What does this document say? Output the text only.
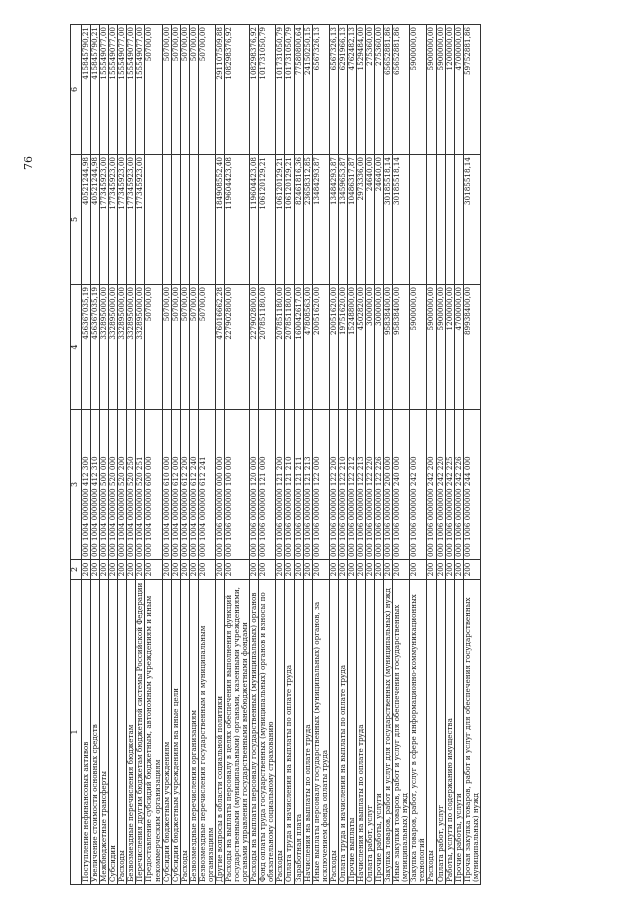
76
1	2	3	4	5	6
Поступление нефинансовых активов	200	000 1004 0000000 412 300	456367035,19	40521244,98	415845790,21
Увеличение стоимости основных средств	200	000 1004 0000000 412 310	456367035,19	40521244,98	415845790,21
Межбюджетные трансферты	200	000 1004 0000000 500 000	332895000,00	177345923,00	155549077,00
Субсидии	200	000 1004 0000000 520 000	332895000,00	177345923,00	155549077,00
Расходы	200	000 1004 0000000 520 200	332895000,00	177345923,00	155549077,00
Безвозмездные перечисления бюджетам	200	000 1004 0000000 520 250	332895000,00	177345923,00	155549077,00
Перечисления другим бюджетам бюджетной системы Российской Федерации	200	000 1004 0000000 520 251	332895000,00	177345923,00	155549077,00
Предоставление субсидий бюджетным, автономным учреждениям и иным некоммерческим организациям	200	000 1004 0000000 600 000	50700,00		50700,00
Субсидии бюджетным учреждениям	200	000 1004 0000000 610 000	50700,00		50700,00
Субсидии бюджетным учреждениям на иные цели	200	000 1004 0000000 612 000	50700,00		50700,00
Расходы	200	000 1004 0000000 612 200	50700,00		50700,00
Безвозмездные перечисления организациям	200	000 1004 0000000 612 240	50700,00		50700,00
Безвозмездные перечисления государственным и муниципальным организациям	200	000 1004 0000000 612 241	50700,00		50700,00
Другие вопросы в области социальной политики	200	000 1006 0000000 000 000	476016662,28	184908552,40	291107509,88
Расходы на выплаты персоналу в целях обеспечения выполнения функций государственными (муниципальными) органами, казенными учреждениями, органами управления государственными внебюджетными фондами	200	000 1006 0000000 100 000	227902800,00	119604423,08	108298376,92
Расходы на выплаты персоналу государственных (муниципальных) органов	200	000 1006 0000000 120 000	227902800,00	119604423,08	108298376,92
Фонд оплаты труда государственных (муниципальных) органов и взносы по обязательному социальному страхованию	200	000 1006 0000000 121 000	207851180,00	106120129,21	101731050,79
Расходы	200	000 1006 0000000 121 200	207851180,00	106120129,21	101731050,79
Оплата труда и начисления на выплаты по оплате труда	200	000 1006 0000000 121 210	207851180,00	106120129,21	101731050,79
Заработная плата	200	000 1006 0000000 121 211	160042617,00	82461816,36	77580800,64
Начисления на выплаты по оплате труда	200	000 1006 0000000 121 213	47808563,00	23658312,85	24150250,15
Иные выплаты персоналу государственных (муниципальных) органов, за исключением фонда оплаты труда	200	000 1006 0000000 122 000	20051620,00	13484293,87	6567326,13
Расходы	200	000 1006 0000000 122 200	20051620,00	13484293,87	6567326,13
Оплата труда и начисления на выплаты по оплате труда	200	000 1006 0000000 122 210	19751620,00	13459653,87	6291966,13
Прочие выплаты	200	000 1006 0000000 122 212	15248800,00	10486317,87	4762482,13
Начисления на выплаты по оплате труда	200	000 1006 0000000 122 213	4502820,00	2973336,00	1529484,00
Оплата работ, услуг	200	000 1006 0000000 122 220	300000,00	24640,00	275360,00
Прочие работы, услуги	200	000 1006 0000000 122 226	300000,00	24640,00	275360,00
Закупка товаров, работ и услуг для государственных (муниципальных) нужд	200	000 1006 0000000 200 000	95838400,00	30185518,14	65652881,86
Иные закупки товаров, работ и услуг для обеспечения государственных (муниципальных) нужд	200	000 1006 0000000 240 000	95838400,00	30185518,14	65652881,86
Закупка товаров, работ, услуг в сфере информационно-коммуникационных технологий	200	000 1006 0000000 242 000	5900000,00		5900000,00
Расходы	200	000 1006 0000000 242 200	5900000,00		5900000,00
Оплата работ, услуг	200	000 1006 0000000 242 220	5900000,00		5900000,00
Работы, услуги по содержанию имущества	200	000 1006 0000000 242 225	1200000,00		1200000,00
Прочие работы, услуги	200	000 1006 0000000 242 226	4700000,00		4700000,00
Прочая закупка товаров, работ и услуг для обеспечения государственных (муниципальных) нужд	200	000 1006 0000000 244 000	89938400,00	30185518,14	59752881,86
